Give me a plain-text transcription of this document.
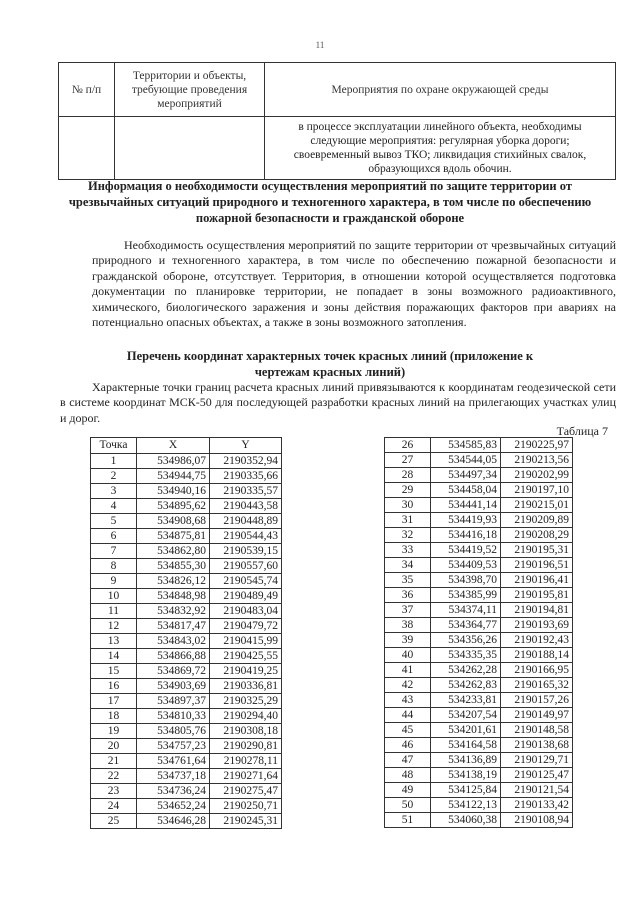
11
№ п/п	Территории и объекты, требующие проведения мероприятий	Мероприятия по охране окружающей среды
		в процессе эксплуатации линейного объекта, необходимы следующие мероприятия: регулярная уборка дороги; своевременный вывоз ТКО; ликвидация стихийных свалок, образующихся вдоль обочин.
Информация о необходимости осуществления мероприятий по защите территории от чрезвычайных ситуаций природного и техногенного характера, в том числе по обеспечению пожарной безопасности и гражданской обороне

Необходимость осуществления мероприятий по защите территории от чрезвычайных ситуаций природного и техногенного характера, в том числе по обеспечению пожарной безопасности и гражданской обороне, отсутствует. Территория, в отношении которой осуществляется подготовка документации по планировке территории, не попадает в зоны возможного радиоактивного, химического, биологического заражения и зоны действия поражающих факторов при авариях на потенциально опасных объектах, а также в зоны возможного затопления.

Перечень координат характерных точек красных линий (приложение к чертежам красных линий)

Характерные точки границ расчета красных линий привязываются к координатам геодезической сети в системе координат МСК-50 для последующей разработки красных линий на прилегающих участках улиц и дорог.

Таблица 7
Точка	X	Y
1	534986,07	2190352,94
2	534944,75	2190335,66
3	534940,16	2190335,57
4	534895,62	2190443,58
5	534908,68	2190448,89
6	534875,81	2190544,43
7	534862,80	2190539,15
8	534855,30	2190557,60
9	534826,12	2190545,74
10	534848,98	2190489,49
11	534832,92	2190483,04
12	534817,47	2190479,72
13	534843,02	2190415,99
14	534866,88	2190425,55
15	534869,72	2190419,25
16	534903,69	2190336,81
17	534897,37	2190325,29
18	534810,33	2190294,40
19	534805,76	2190308,18
20	534757,23	2190290,81
21	534761,64	2190278,11
22	534737,18	2190271,64
23	534736,24	2190275,47
24	534652,24	2190250,71
25	534646,28	2190245,31
26	534585,83	2190225,97
27	534544,05	2190213,56
28	534497,34	2190202,99
29	534458,04	2190197,10
30	534441,14	2190215,01
31	534419,93	2190209,89
32	534416,18	2190208,29
33	534419,52	2190195,31
34	534409,53	2190196,51
35	534398,70	2190196,41
36	534385,99	2190195,81
37	534374,11	2190194,81
38	534364,77	2190193,69
39	534356,26	2190192,43
40	534335,35	2190188,14
41	534262,28	2190166,95
42	534262,83	2190165,32
43	534233,81	2190157,26
44	534207,54	2190149,97
45	534201,61	2190148,58
46	534164,58	2190138,68
47	534136,89	2190129,71
48	534138,19	2190125,47
49	534125,84	2190121,54
50	534122,13	2190133,42
51	534060,38	2190108,94
